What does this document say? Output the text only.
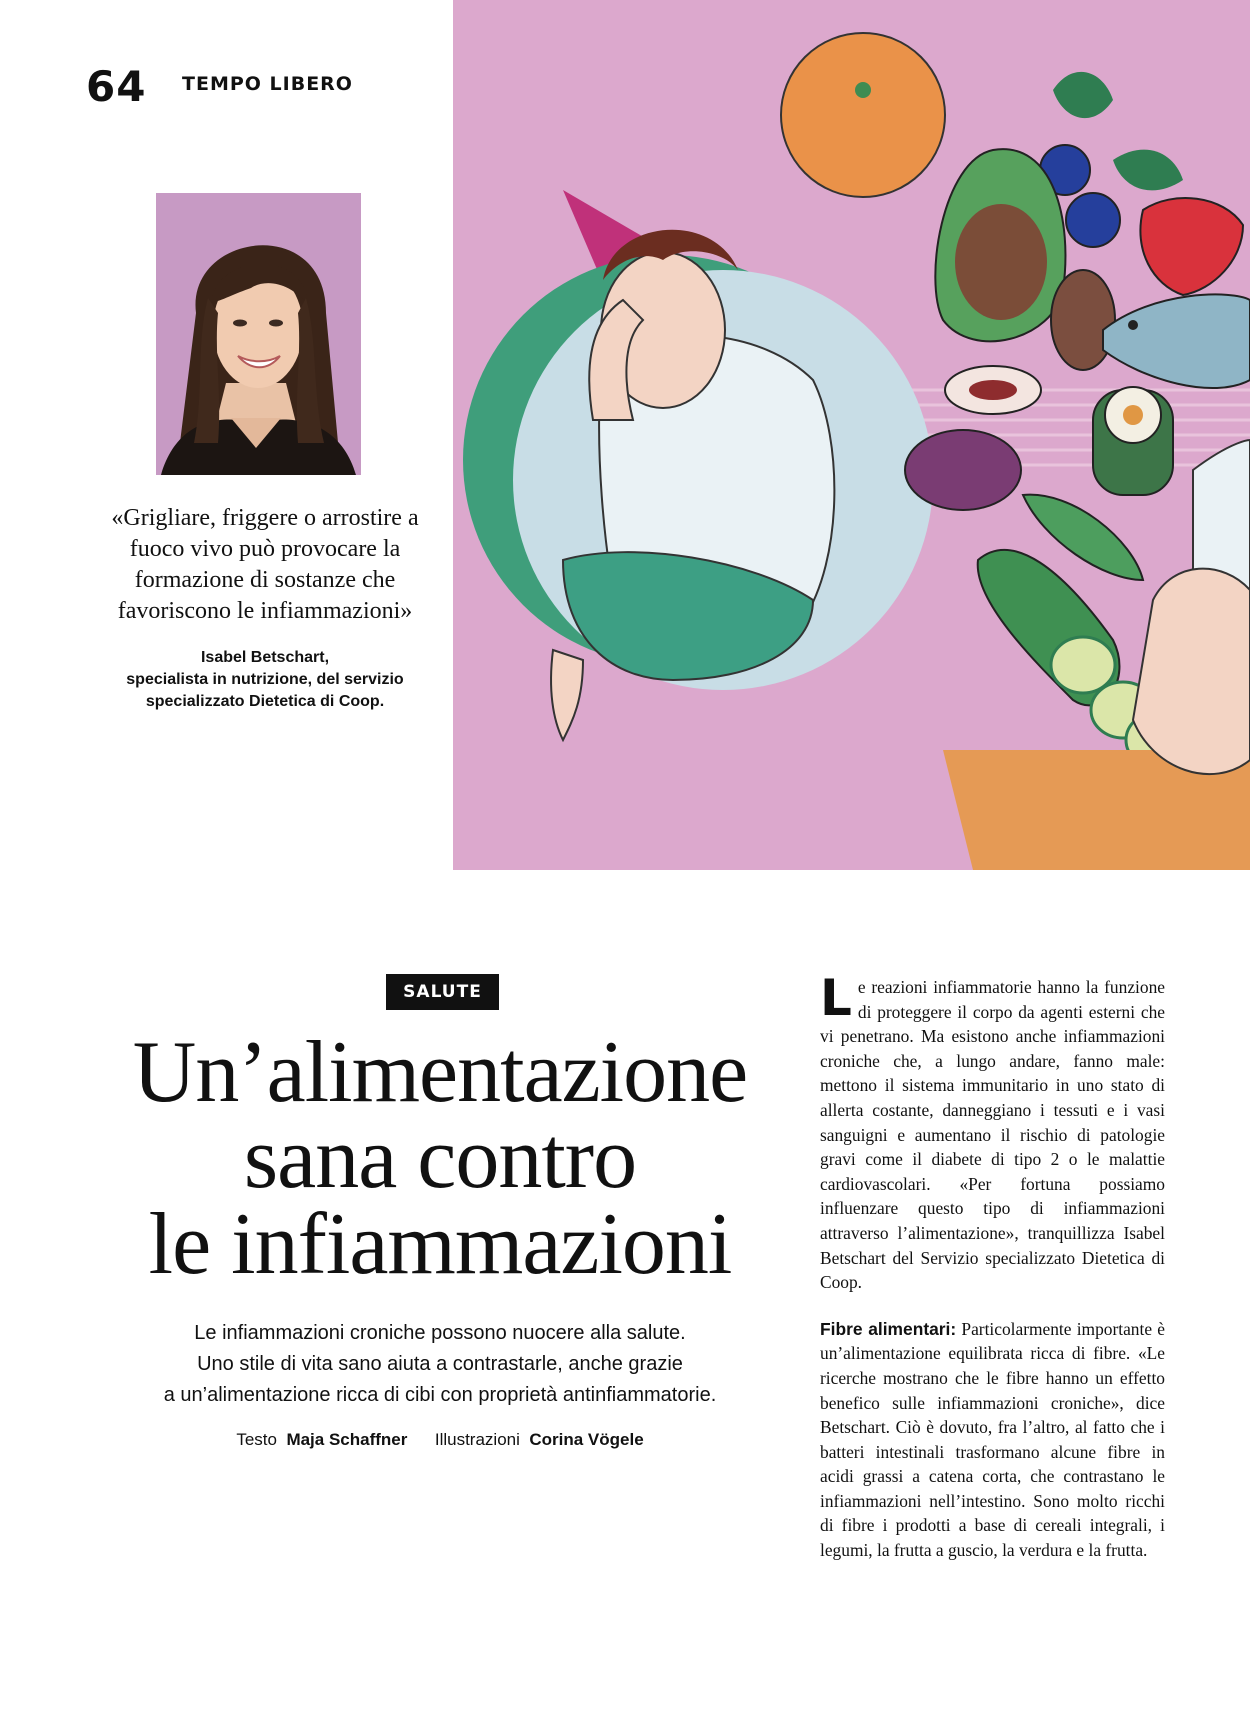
64 TEMPO LIBERO
«Grigliare, friggere o arrostire a fuoco vivo può provocare la formazione di sostanze che favoriscono le infiammazioni»
Isabel Betschart,
specialista in nutrizione, del servizio
specializzato Dietetica di Coop.
SALUTE
Un’alimentazione
sana contro
le infiammazioni
Le infiammazioni croniche possono nuocere alla salute.
Uno stile di vita sano aiuta a contrastarle, anche grazie
a un’alimentazione ricca di cibi con proprietà antinfiammatorie.
Testo Maja Schaffner Illustrazioni Corina Vögele

Le reazioni infiammatorie hanno la funzione di proteggere il corpo da agenti esterni che vi penetrano. Ma esistono anche infiammazioni croniche che, a lungo andare, fanno male: mettono il sistema immunitario in uno stato di allerta costante, danneggiano i tessuti e i vasi sanguigni e aumentano il rischio di patologie gravi come il diabete di tipo 2 o le malattie cardiovascolari. «Per fortuna possiamo influenzare questo tipo di infiammazioni attraverso l’alimentazione», tranquillizza Isabel Betschart del Servizio specializzato Dietetica di Coop.

Fibre alimentari: Particolarmente importante è un’alimentazione equilibrata ricca di fibre. «Le ricerche mostrano che le fibre hanno un effetto benefico sulle infiammazioni croniche», dice Betschart. Ciò è dovuto, fra l’altro, al fatto che i batteri intestinali trasformano alcune fibre in acidi grassi a catena corta, che contrastano le infiammazioni nell’intestino. Sono molto ricchi di fibre i prodotti a base di cereali integrali, i legumi, la frutta a guscio, la verdura e la frutta.
